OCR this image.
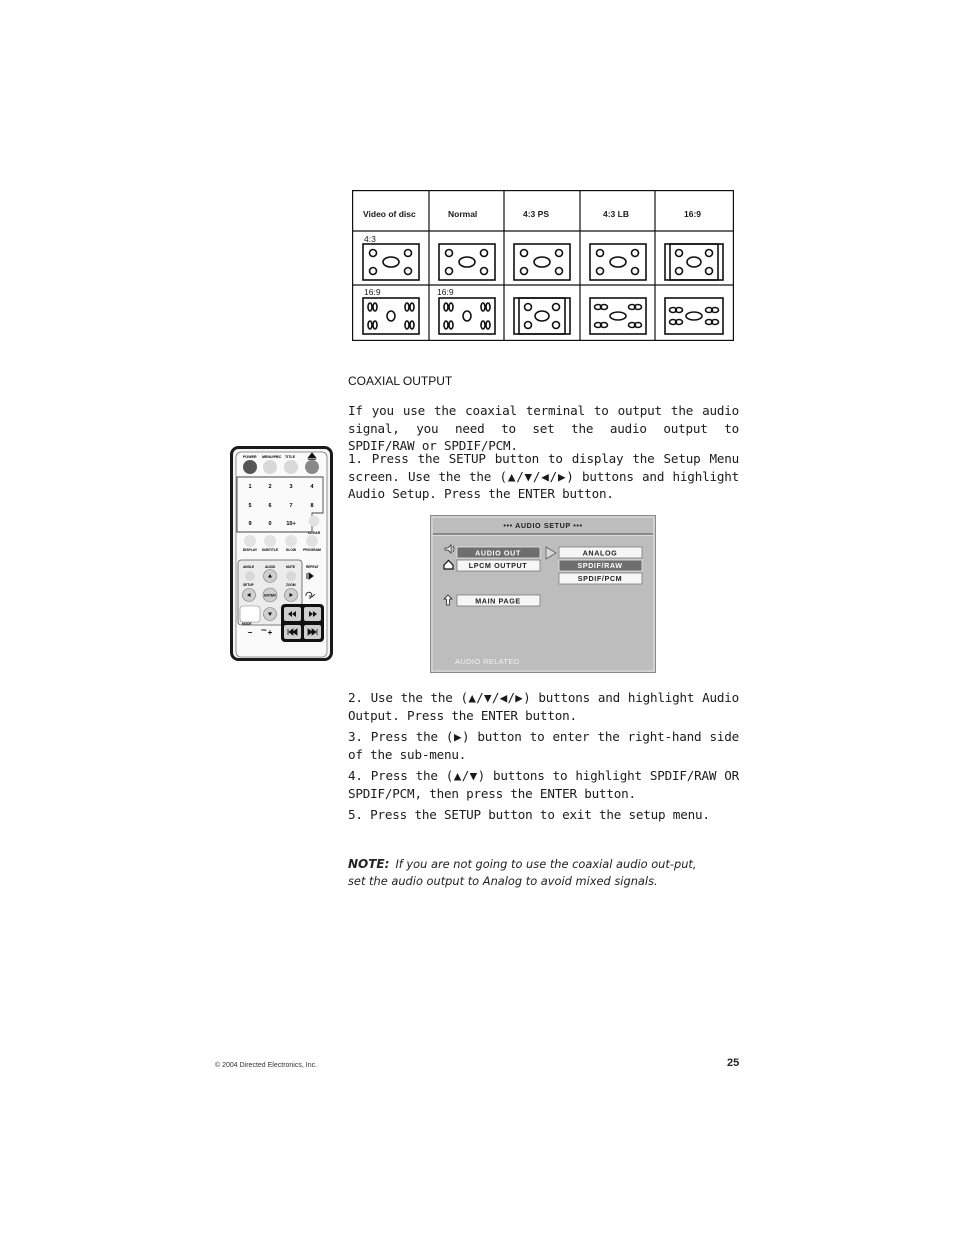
Video of disc	Normal	4:3 PS	4:3 LB	16:9
4:3
16:9	16:9
COAXIAL OUTPUT
If you use the coaxial terminal to output the audio signal, you need to set the audio output to SPDIF/RAW or SPDIF/PCM.
1. Press the SETUP button to display the Setup Menu screen. Use the the (▲/▼/◀/▶) buttons and highlight Audio Setup. Press the ENTER button.
POWER MENU/PBC TITLE
1	2	3	4
5	6	7	8
9	0	10+
CLEAR
DISPLAY SUBTITLE SLOW PROGRAM
ANGLE	AUDIO	MUTE	REPEAT
SETUP	ZOOM
MODE
ENTER
−	VOL +
••• AUDIO SETUP •••
AUDIO OUT
LPCM OUTPUT
MAIN PAGE
ANALOG
SPDIF/RAW
SPDIF/PCM
AUDIO RELATED
2. Use the the (▲/▼/◀/▶) buttons and highlight Audio Output. Press the ENTER button.
3. Press the (▶) button to enter the right-hand side of the sub-menu.
4. Press the (▲/▼) buttons to highlight SPDIF/RAW OR SPDIF/PCM, then press the ENTER button.
5. Press the SETUP button to exit the setup menu.
NOTE: If you are not going to use the coaxial audio out-put, set the audio output to Analog to avoid mixed signals.
© 2004 Directed Electronics, Inc.	25
